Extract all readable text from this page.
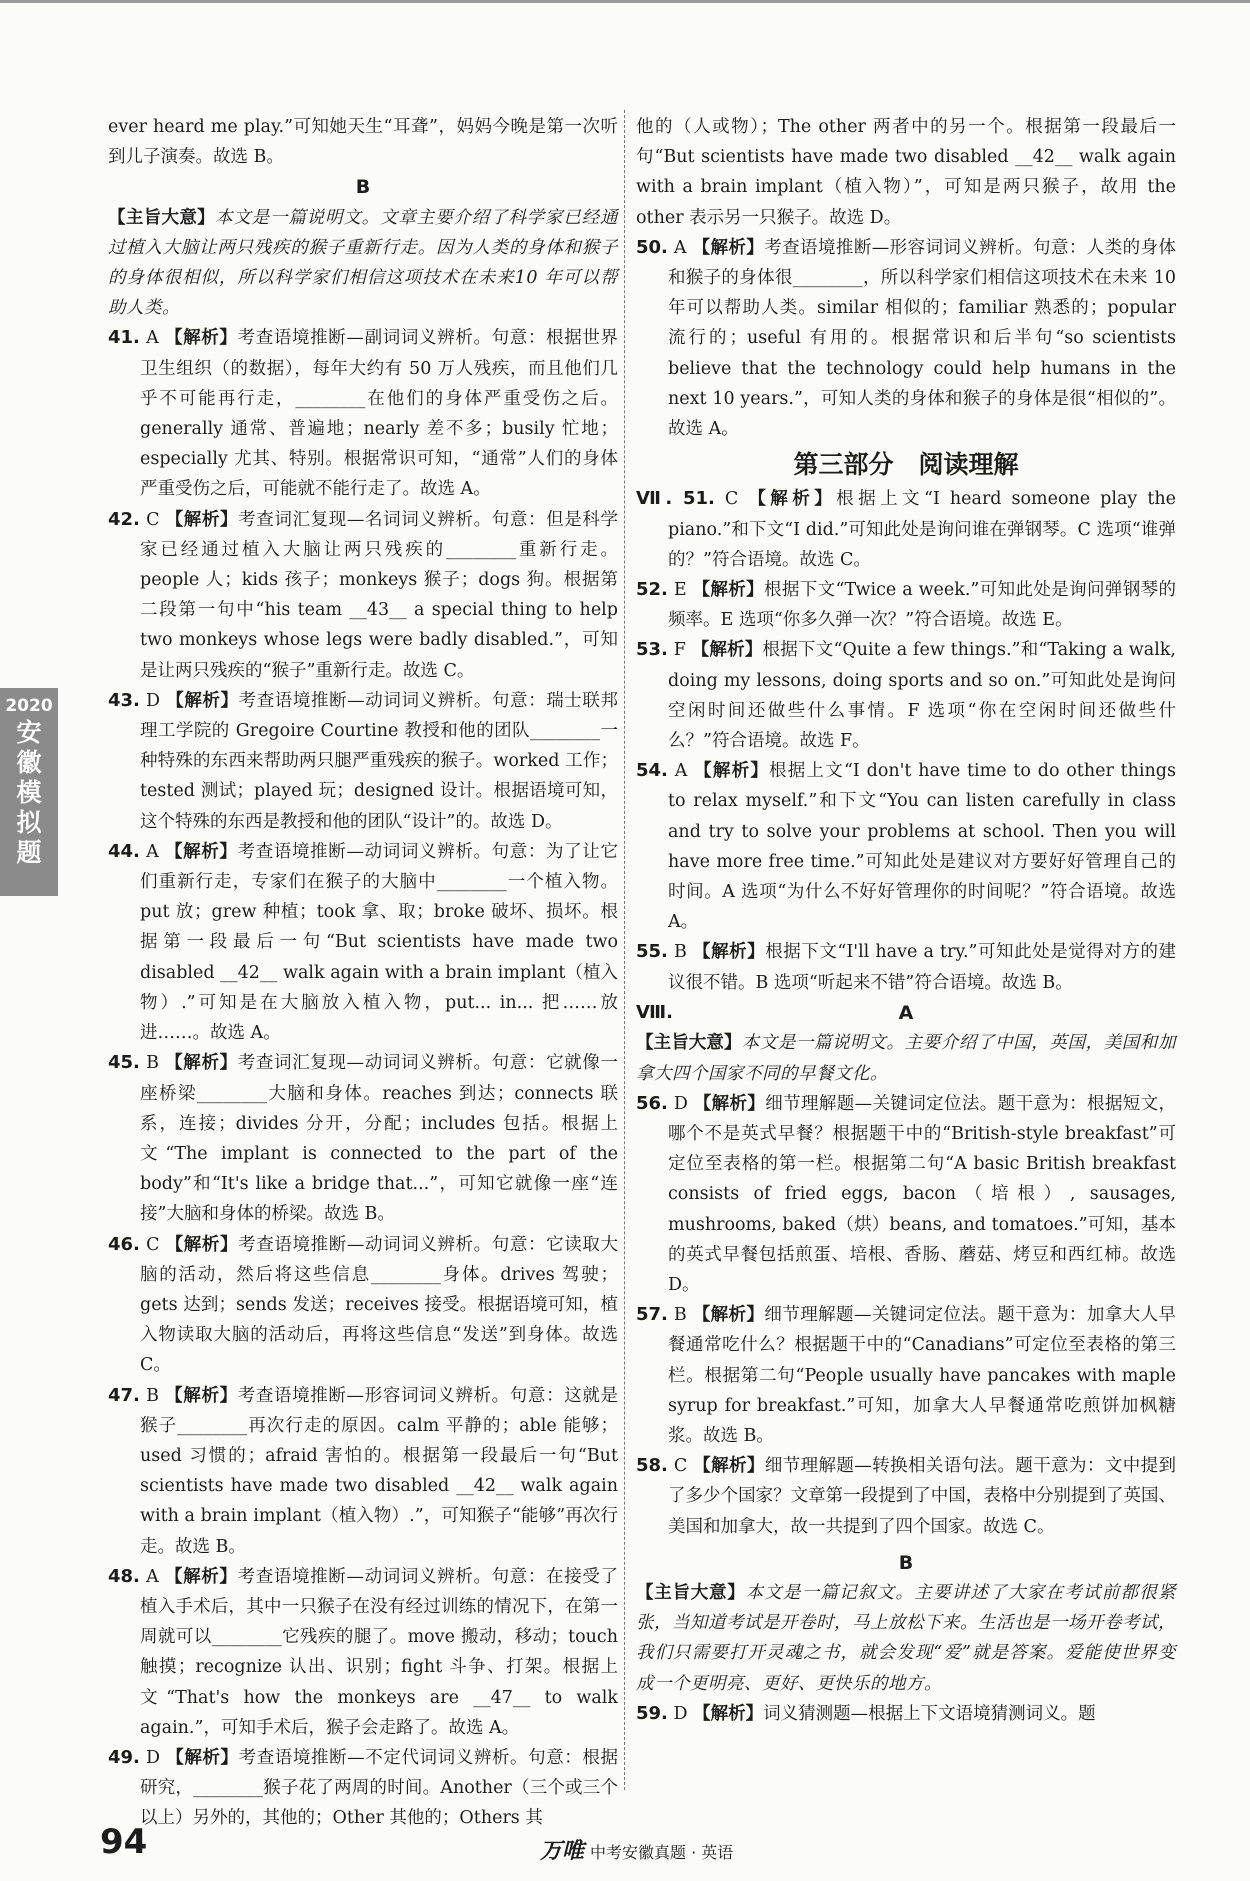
2020
安徽模拟题

ever heard me play.”可知她天生“耳聋”，妈妈今晚是第一次听到儿子演奏。故选 B。

B

【主旨大意】本文是一篇说明文。文章主要介绍了科学家已经通过植入大脑让两只残疾的猴子重新行走。因为人类的身体和猴子的身体很相似，所以科学家们相信这项技术在未来10 年可以帮助人类。

41. A 【解析】考查语境推断—副词词义辨析。句意：根据世界卫生组织（的数据），每年大约有 50 万人残疾，而且他们几乎不可能再行走，________在他们的身体严重受伤之后。generally 通常、普遍地；nearly 差不多；busily 忙地；especially 尤其、特别。根据常识可知，“通常”人们的身体严重受伤之后，可能就不能行走了。故选 A。

42. C 【解析】考查词汇复现—名词词义辨析。句意：但是科学家已经通过植入大脑让两只残疾的________重新行走。people 人；kids 孩子；monkeys 猴子；dogs 狗。根据第二段第一句中“his team __43__ a special thing to help two monkeys whose legs were badly disabled.”，可知是让两只残疾的“猴子”重新行走。故选 C。

43. D 【解析】考查语境推断—动词词义辨析。句意：瑞士联邦理工学院的 Gregoire Courtine 教授和他的团队________一种特殊的东西来帮助两只腿严重残疾的猴子。worked 工作；tested 测试；played 玩；designed 设计。根据语境可知，这个特殊的东西是教授和他的团队“设计”的。故选 D。

44. A 【解析】考查语境推断—动词词义辨析。句意：为了让它们重新行走，专家们在猴子的大脑中________一个植入物。put 放；grew 种植；took 拿、取；broke 破坏、损坏。根据第一段最后一句“But scientists have made two disabled __42__ walk again with a brain implant（植入物）.”可知是在大脑放入植入物，put... in... 把……放进……。故选 A。

45. B 【解析】考查词汇复现—动词词义辨析。句意：它就像一座桥梁________大脑和身体。reaches 到达；connects 联系，连接；divides 分开，分配；includes 包括。根据上文“The implant is connected to the part of the body”和“It's like a bridge that...”，可知它就像一座“连接”大脑和身体的桥梁。故选 B。

46. C 【解析】考查语境推断—动词词义辨析。句意：它读取大脑的活动，然后将这些信息________身体。drives 驾驶；gets 达到；sends 发送；receives 接受。根据语境可知，植入物读取大脑的活动后，再将这些信息“发送”到身体。故选 C。

47. B 【解析】考查语境推断—形容词词义辨析。句意：这就是猴子________再次行走的原因。calm 平静的；able 能够；used 习惯的；afraid 害怕的。根据第一段最后一句“But scientists have made two disabled __42__ walk again with a brain implant（植入物）.”，可知猴子“能够”再次行走。故选 B。

48. A 【解析】考查语境推断—动词词义辨析。句意：在接受了植入手术后，其中一只猴子在没有经过训练的情况下，在第一周就可以________它残疾的腿了。move 搬动，移动；touch 触摸；recognize 认出、识别；fight 斗争、打架。根据上文“That's how the monkeys are __47__ to walk again.”，可知手术后，猴子会走路了。故选 A。

49. D 【解析】考查语境推断—不定代词词义辨析。句意：根据研究，________猴子花了两周的时间。Another（三个或三个以上）另外的，其他的；Other 其他的；Others 其

他的（人或物）；The other 两者中的另一个。根据第一段最后一句“But scientists have made two disabled __42__ walk again with a brain implant（植入物）”，可知是两只猴子，故用 the other 表示另一只猴子。故选 D。

50. A 【解析】考查语境推断—形容词词义辨析。句意：人类的身体和猴子的身体很________，所以科学家们相信这项技术在未来 10 年可以帮助人类。similar 相似的；familiar 熟悉的；popular 流行的；useful 有用的。根据常识和后半句“so scientists believe that the technology could help humans in the next 10 years.”，可知人类的身体和猴子的身体是很“相似的”。故选 A。

第三部分　阅读理解

Ⅶ. 51. C 【解析】根据上文“I heard someone play the piano.”和下文“I did.”可知此处是询问谁在弹钢琴。C 选项“谁弹的？”符合语境。故选 C。

52. E 【解析】根据下文“Twice a week.”可知此处是询问弹钢琴的频率。E 选项“你多久弹一次？”符合语境。故选 E。

53. F 【解析】根据下文“Quite a few things.”和“Taking a walk, doing my lessons, doing sports and so on.”可知此处是询问空闲时间还做些什么事情。F 选项“你在空闲时间还做些什么？”符合语境。故选 F。

54. A 【解析】根据上文“I don't have time to do other things to relax myself.”和下文“You can listen carefully in class and try to solve your problems at school. Then you will have more free time.”可知此处是建议对方要好好管理自己的时间。A 选项“为什么不好好管理你的时间呢？”符合语境。故选 A。

55. B 【解析】根据下文“I'll have a try.”可知此处是觉得对方的建议很不错。B 选项“听起来不错”符合语境。故选 B。

Ⅷ.	A

【主旨大意】本文是一篇说明文。主要介绍了中国，英国，美国和加拿大四个国家不同的早餐文化。

56. D 【解析】细节理解题—关键词定位法。题干意为：根据短文，哪个不是英式早餐？根据题干中的“British-style breakfast”可定位至表格的第一栏。根据第二句“A basic British breakfast consists of fried eggs, bacon（培根）, sausages, mushrooms, baked（烘）beans, and tomatoes.”可知，基本的英式早餐包括煎蛋、培根、香肠、蘑菇、烤豆和西红柿。故选 D。

57. B 【解析】细节理解题—关键词定位法。题干意为：加拿大人早餐通常吃什么？根据题干中的“Canadians”可定位至表格的第三栏。根据第二句“People usually have pancakes with maple syrup for breakfast.”可知，加拿大人早餐通常吃煎饼加枫糖浆。故选 B。

58. C 【解析】细节理解题—转换相关语句法。题干意为：文中提到了多少个国家？文章第一段提到了中国，表格中分别提到了英国、美国和加拿大，故一共提到了四个国家。故选 C。

B

【主旨大意】本文是一篇记叙文。主要讲述了大家在考试前都很紧张，当知道考试是开卷时，马上放松下来。生活也是一场开卷考试，我们只需要打开灵魂之书，就会发现“爱”就是答案。爱能使世界变成一个更明亮、更好、更快乐的地方。

59. D 【解析】词义猜测题—根据上下文语境猜测词义。题

94	万唯 中考安徽真题 · 英语
